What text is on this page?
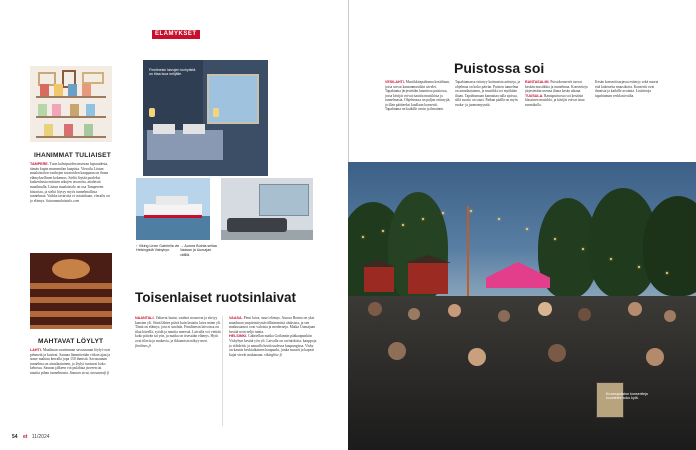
ELÄMYKSET
Finnlinesin laivojen luxhytistä on tilaa isoa nelijälle.
↑ Viking Linen Gabriella vie Helsingistä Visbyhyn.
→ Aurora Botnia sellaa Vaasan ja Uumajan välillä.
IHANIMMAT TULIAISET
TAMPERE. Tuon kahvipuiden muistan lapsuudesta, tämän kupin mummolan kaapista. Vierailu Liutun maalaistalon vanhojen tavaroiden kauppaan on ihana elämyksellinen kokemus. Sieltä löytää puoleksi kaikenlaista entisten aikojen tavaroita, aitaleistä maailmalla. Liutun maalaistalo on osa Tampereen historiaa, ja sieltä löytyy myös tunnelmallista tunnelmaa. Vaikka tavaroita ei ostaisikaan, vierailu on jo elämys. liutunmaalaistalo.com
MAHTAVAT LÖYLYT
LAHTI. Maailman suurimman savusaunan löylyt ovat pehmeät ja kosteat. Saunaa lämmitetään viikon ajan ja sinne mahtuu kerralla jopa 150 ihmistä. Savusaunan tunnelma on ainutlaatuinen, ja löylyt tuntuvat koko kehossa. Saunan jälkeen voi pulahtaa järveen tai nauttia pihan tunnelmasta. Saunan sivut, tuosaunafi.fi
Toisenlaiset ruotsinlaivat
NAANTALI. Valtavat lautat, vaahtot nousevat ja siirtyy kansien yli. Siinä lähtee päivä kuin lastattu laiva mäen yli. Tämä on elämys, jota ei unohda. Finnlinesin laivoissa on tilaa kävellä, syödä ja nauttia merestä. Laivalla voi viettää koko päivän tai yön, ja matka on itsessään elämys. Hytit ovat tilavia ja mukavia, ja ikkunoista näkyy meri. finnlines.fi
VAASA. Pieni laiva, suuri elämys. Aurora Botnia on yksi maailman ympäristöystävällisimmistä aluksista, ja sen matkustamot ovat valoisia ja moderneja. Matka Uumajaan kestää noin neljä tuntia.
HELSINKI. Gabriellan matka Gotlannin pääkaupunkiin Visbyhyn kestää yön yli. Laivalla on ravintoloita, kauppoja ja viihdettä, ja aamulla herää uudessa kaupungissa. Visby on kaunis keskiaikainen kaupunki, jonka muurit ja kapeat kujat vievät mukanaan. vikingline.fi
54 et 11/2024
Puistossa soi
VESILAHTI. Musiikkitapahtuma kesäiltaan, jossa soivat kansanmusiikin sävelet. Tapahtuma järjestetään kauniissa puistossa, jossa kävijät voivat nauttia musiikista ja tunnelmasta. Ohjelmassa on paljon esiintyjiä, ja illan päätteeksi kuullaan konsertti. Tapahtuma on kaikille avoin ja ilmainen.
Tapahtumassa esiintyy kotimaisia artisteja, ja ohjelmaa on koko päivän. Puiston tunnelma on ainutlaatuinen, ja musiikki soi myöhään iltaan. Tapahtumaan kannattaa tulla ajoissa, sillä suosio on suuri. Paikan päällä on myös ruoka- ja juomamyyntiä.
RANTASALMI. Puistokonsertit tuovat kesään musiikkia ja tunnelmaa. Konsertteja järjestetään useana iltana kesän aikana.
TUUSULA. Rantapuistossa soi kesäisin klassinen musiikki, ja kävijät voivat istua nurmikolla.
Kesän konserttisarjassa esiintyy sekä nuoria että kokeneita muusikoita. Konsertit ovat ilmaisia ja kaikille avoimia. Lisätietoja tapahtuman verkkosivuilta.
Kruunupuiston konsertteja kuuntelee koko kylä.
